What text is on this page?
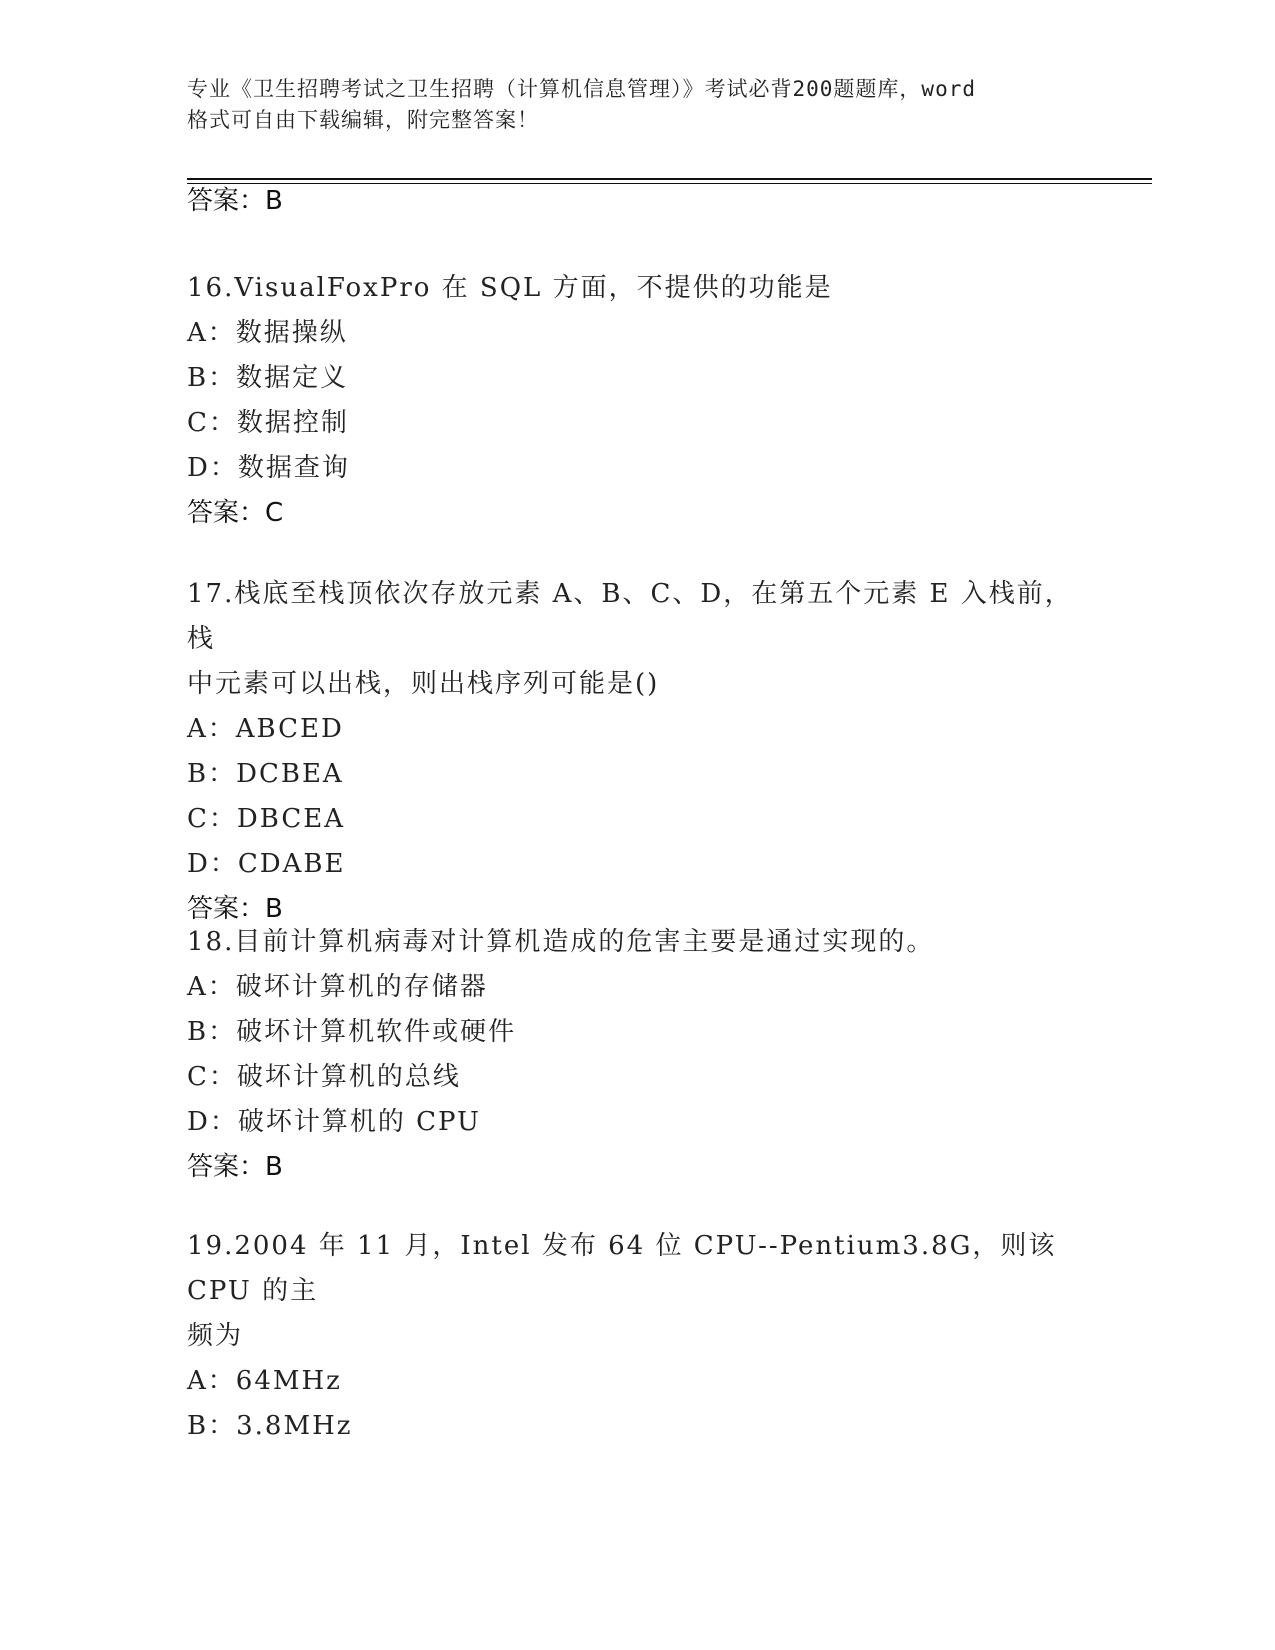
专业《卫生招聘考试之卫生招聘（计算机信息管理）》考试必背200题题库，word
格式可自由下载编辑，附完整答案！
答案：B
16.VisualFoxPro 在 SQL 方面，不提供的功能是
A：数据操纵
B：数据定义
C：数据控制
D：数据查询
答案：C
17.栈底至栈顶依次存放元素 A、B、C、D，在第五个元素 E 入栈前，栈
中元素可以出栈，则出栈序列可能是()
A：ABCED
B：DCBEA
C：DBCEA
D：CDABE
答案：B
18.目前计算机病毒对计算机造成的危害主要是通过实现的。
A：破坏计算机的存储器
B：破坏计算机软件或硬件
C：破坏计算机的总线
D：破坏计算机的 CPU
答案：B
19.2004 年 11 月，Intel 发布 64 位 CPU--Pentium3.8G，则该 CPU 的主
频为
A：64MHz
B：3.8MHz
